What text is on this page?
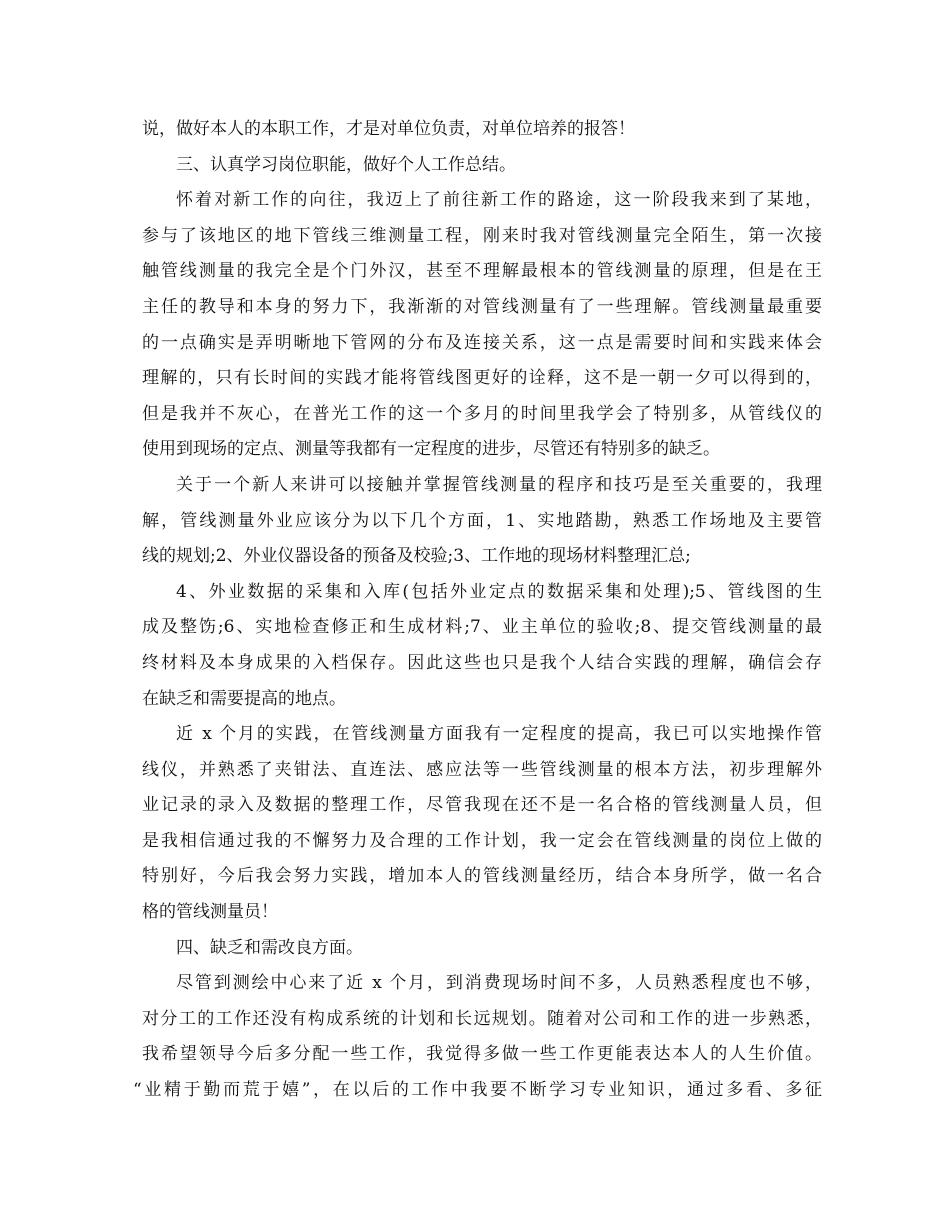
说，做好本人的本职工作，才是对单位负责，对单位培养的报答！
三、认真学习岗位职能，做好个人工作总结。
怀着对新工作的向往，我迈上了前往新工作的路途，这一阶段我来到了某地，
参与了该地区的地下管线三维测量工程，刚来时我对管线测量完全陌生，第一次接
触管线测量的我完全是个门外汉，甚至不理解最根本的管线测量的原理，但是在王
主任的教导和本身的努力下，我渐渐的对管线测量有了一些理解。管线测量最重要
的一点确实是弄明晰地下管网的分布及连接关系，这一点是需要时间和实践来体会
理解的，只有长时间的实践才能将管线图更好的诠释，这不是一朝一夕可以得到的，
但是我并不灰心，在普光工作的这一个多月的时间里我学会了特别多，从管线仪的
使用到现场的定点、测量等我都有一定程度的进步，尽管还有特别多的缺乏。
关于一个新人来讲可以接触并掌握管线测量的程序和技巧是至关重要的，我理
解，管线测量外业应该分为以下几个方面，1、实地踏勘，熟悉工作场地及主要管
线的规划;2、外业仪器设备的预备及校验;3、工作地的现场材料整理汇总;
4、外业数据的采集和入库(包括外业定点的数据采集和处理);5、管线图的生
成及整饬;6、实地检查修正和生成材料;7、业主单位的验收;8、提交管线测量的最
终材料及本身成果的入档保存。因此这些也只是我个人结合实践的理解，确信会存
在缺乏和需要提高的地点。
近 x 个月的实践，在管线测量方面我有一定程度的提高，我已可以实地操作管
线仪，并熟悉了夹钳法、直连法、感应法等一些管线测量的根本方法，初步理解外
业记录的录入及数据的整理工作，尽管我现在还不是一名合格的管线测量人员，但
是我相信通过我的不懈努力及合理的工作计划，我一定会在管线测量的岗位上做的
特别好，今后我会努力实践，增加本人的管线测量经历，结合本身所学，做一名合
格的管线测量员！
四、缺乏和需改良方面。
尽管到测绘中心来了近 x 个月，到消费现场时间不多，人员熟悉程度也不够，
对分工的工作还没有构成系统的计划和长远规划。随着对公司和工作的进一步熟悉，
我希望领导今后多分配一些工作，我觉得多做一些工作更能表达本人的人生价值。
“业精于勤而荒于嬉”，在以后的工作中我要不断学习专业知识，通过多看、多征
